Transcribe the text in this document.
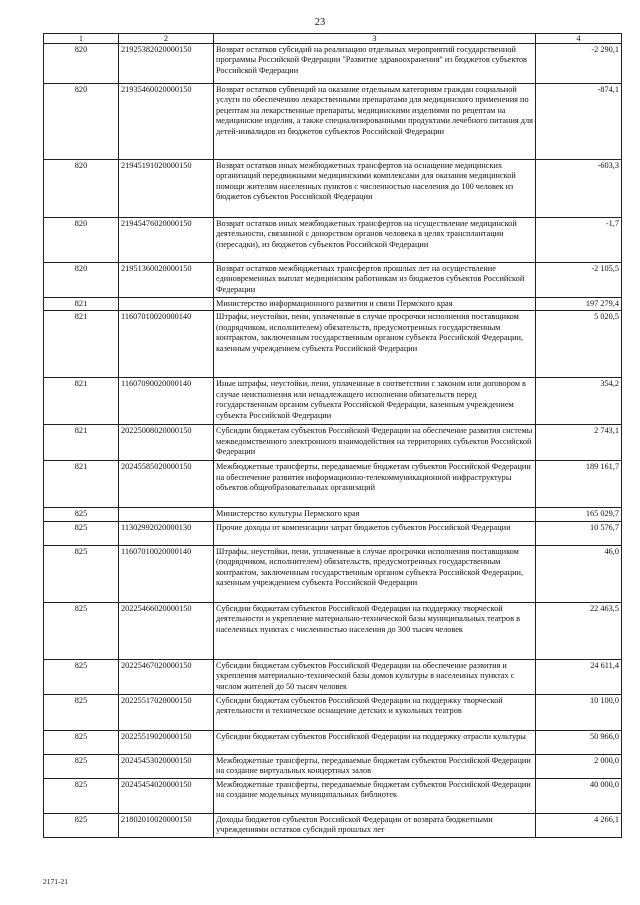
23
1	2	3	4
820	21925382020000150	Возврат остатков субсидий на реализацию отдельных мероприятий государственной программы Российской Федерации "Развитие здравоохранения" из бюджетов субъектов Российской Федерации	-2 290,1
820	21935460020000150	Возврат остатков субвенций на оказание отдельным категориям граждан социальной услуги по обеспечению лекарственными препаратами для медицинского применения по рецептам на лекарственные препараты, медицинскими изделиями по рецептам на медицинские изделия, а также специализированными продуктами лечебного питания для детей-инвалидов из бюджетов субъектов Российской Федерации	-874,1
820	21945191020000150	Возврат остатков иных межбюджетных трансфертов на оснащение медицинских организаций передвижными медицинскими комплексами для оказания медицинской помощи жителям населенных пунктов с численностью населения до 100 человек из бюджетов субъектов Российской Федерации	-603,3
820	21945476020000150	Возврат остатков иных межбюджетных трансфертов на осуществление медицинской деятельности, связанной с донорством органов человека в целях трансплантации (пересадки), из бюджетов субъектов Российской Федерации	-1,7
820	21951360020000150	Возврат остатков межбюджетных трансфертов прошлых лет на осуществление единовременных выплат медицинским работникам из бюджетов субъектов Российской Федерации	-2 105,5
821		Министерство информационного развития и связи Пермского края	197 279,4
821	11607010020000140	Штрафы, неустойки, пени, уплаченные в случае просрочки исполнения поставщиком (подрядчиком, исполнителем) обязательств, предусмотренных государственным контрактом, заключенным государственным органом субъекта Российской Федерации, казенным учреждением субъекта Российской Федерации	5 020,5
821	11607090020000140	Иные штрафы, неустойки, пени, уплаченные в соответствии с законом или договором в случае неисполнения или ненадлежащего исполнения обязательств перед государственным органом субъекта Российской Федерации, казенным учреждением субъекта Российской Федерации	354,2
821	20225008020000150	Субсидии бюджетам субъектов Российской Федерации на обеспечение развития системы межведомственного электронного взаимодействия на территориях субъектов Российской Федерации	2 743,1
821	20245585020000150	Межбюджетные трансферты, передаваемые бюджетам субъектов Российской Федерации на обеспечение развития информационно-телекоммуникационной инфраструктуры объектов общеобразовательных организаций	189 161,7
825		Министерство культуры Пермского края	165 029,7
825	11302992020000130	Прочие доходы от компенсации затрат бюджетов субъектов Российской Федерации	10 576,7
825	11607010020000140	Штрафы, неустойки, пени, уплаченные в случае просрочки исполнения поставщиком (подрядчиком, исполнителем) обязательств, предусмотренных государственным контрактом, заключенным государственным органом субъекта Российской Федерации, казенным учреждением субъекта Российской Федерации	46,0
825	20225466020000150	Субсидии бюджетам субъектов Российской Федерации на поддержку творческой деятельности и укрепление материально-технической базы муниципальных театров в населенных пунктах с численностью населения до 300 тысяч человек	22 463,5
825	20225467020000150	Субсидии бюджетам субъектов Российской Федерации на обеспечение развития и укрепления материально-технической базы домов культуры в населенных пунктах с числом жителей до 50 тысяч человек	24 611,4
825	20225517020000150	Субсидии бюджетам субъектов Российской Федерации на поддержку творческой деятельности и техническое оснащение детских и кукольных театров	10 100,0
825	20225519020000150	Субсидии бюджетам субъектов Российской Федерации на поддержку отрасли культуры	50 966,0
825	20245453020000150	Межбюджетные трансферты, передаваемые бюджетам субъектов Российской Федерации на создание виртуальных концертных залов	2 000,0
825	20245454020000150	Межбюджетные трансферты, передаваемые бюджетам субъектов Российской Федерации на создание модельных муниципальных библиотек	40 000,0
825	21802010020000150	Доходы бюджетов субъектов Российской Федерации от возврата бюджетными учреждениями остатков субсидий прошлых лет	4 266,1
2171-21
